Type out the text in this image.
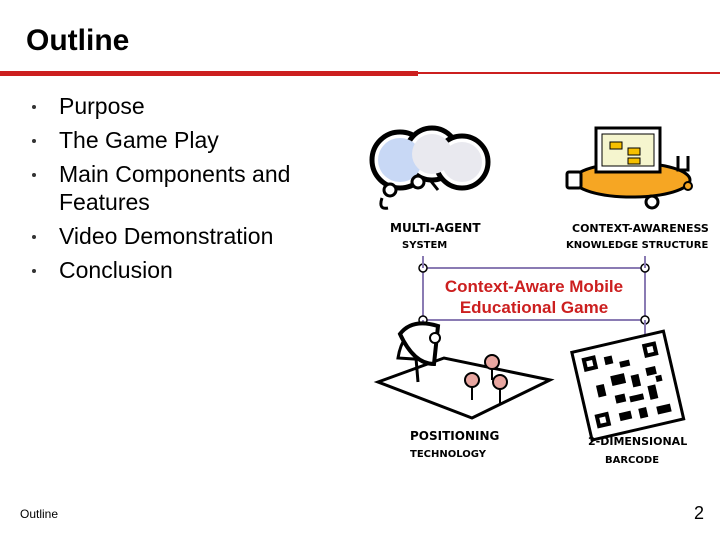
Outline
Purpose
The Game Play
Main Components and Features
Video Demonstration
Conclusion
MULTI-AGENT
SYSTEM
CONTEXT-AWARENESS
KNOWLEDGE STRUCTURE
Context-Aware Mobile
Educational Game
POSITIONING
TECHNOLOGY
2-DIMENSIONAL
BARCODE
Outline	2
